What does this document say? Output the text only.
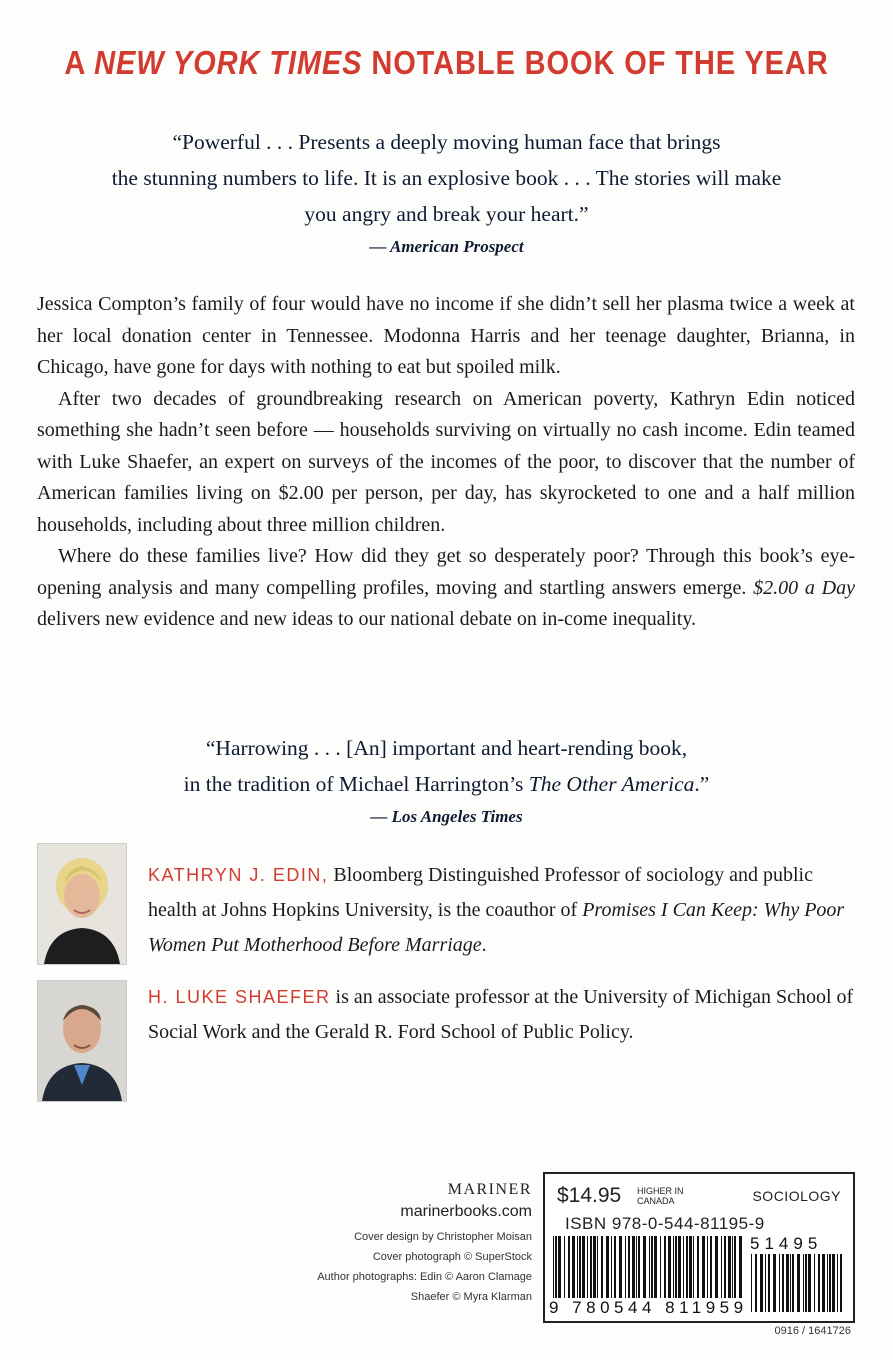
A NEW YORK TIMES NOTABLE BOOK OF THE YEAR
“Powerful . . . Presents a deeply moving human face that brings
the stunning numbers to life. It is an explosive book . . . The stories will make
you angry and break your heart.”
— American Prospect

Jessica Compton’s family of four would have no income if she didn’t sell her plasma twice a week at her local donation center in Tennessee. Modonna Harris and her teenage daughter, Brianna, in Chicago, have gone for days with nothing to eat but spoiled milk.

After two decades of groundbreaking research on American poverty, Kathryn Edin noticed something she hadn’t seen before — households surviving on virtually no cash income. Edin teamed with Luke Shaefer, an expert on surveys of the incomes of the poor, to discover that the number of American families living on $2.00 per person, per day, has skyrocketed to one and a half million households, including about three million children.

Where do these families live? How did they get so desperately poor? Through this book’s eye-opening analysis and many compelling profiles, moving and startling answers emerge. $2.00 a Day delivers new evidence and new ideas to our national debate on in-come inequality.

“Harrowing . . . [An] important and heart-rending book,
in the tradition of Michael Harrington’s The Other America.”
— Los Angeles Times
KATHRYN J. EDIN, Bloomberg Distinguished Professor of sociology and public health at Johns Hopkins University, is the coauthor of Promises I Can Keep: Why Poor Women Put Motherhood Before Marriage.
H. LUKE SHAEFER is an associate professor at the University of Michigan School of Social Work and the Gerald R. Ford School of Public Policy.
MARINER
marinerbooks.com
Cover design by Christopher Moisan
Cover photograph © SuperStock
Author photographs: Edin © Aaron Clamage
Shaefer © Myra Klarman
$14.95 HIGHER IN
CANADA	SOCIOLOGY
ISBN 978-0-544-81195-9
9 780544 811959
51495
0916 / 1641726
